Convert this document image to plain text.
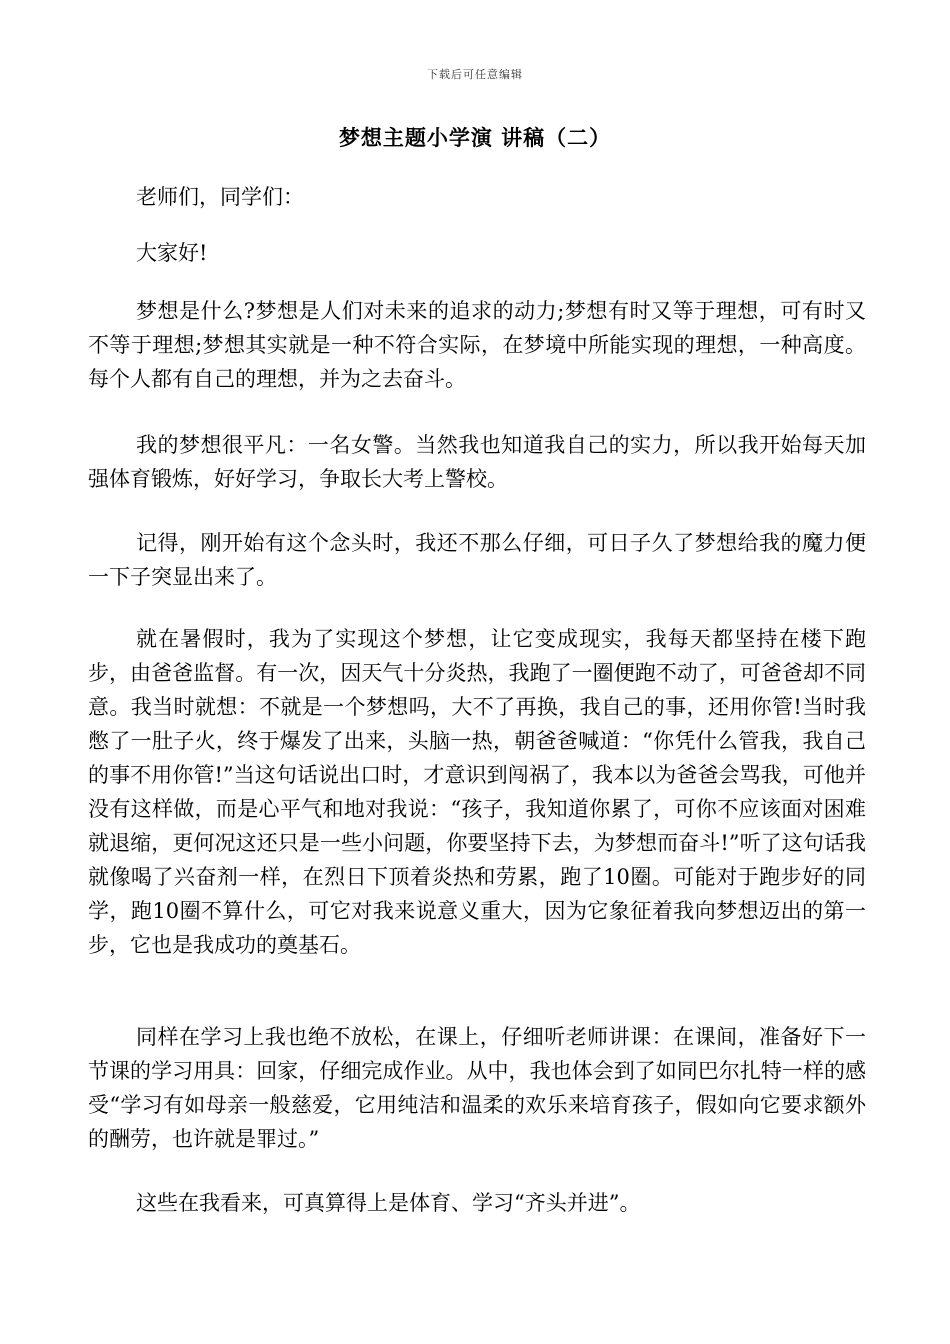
下载后可任意编辑
梦想主题小学演 讲稿（二）

老师们，同学们：

大家好!

梦想是什么?梦想是人们对未来的追求的动力;梦想有时又等于理想，可有时又不等于理想;梦想其实就是一种不符合实际，在梦境中所能实现的理想，一种高度。每个人都有自己的理想，并为之去奋斗。

我的梦想很平凡：一名女警。当然我也知道我自己的实力，所以我开始每天加强体育锻炼，好好学习，争取长大考上警校。

记得，刚开始有这个念头时，我还不那么仔细，可日子久了梦想给我的魔力便一下子突显出来了。

就在暑假时，我为了实现这个梦想，让它变成现实，我每天都坚持在楼下跑步，由爸爸监督。有一次，因天气十分炎热，我跑了一圈便跑不动了，可爸爸却不同意。我当时就想：不就是一个梦想吗，大不了再换，我自己的事，还用你管!当时我憋了一肚子火，终于爆发了出来，头脑一热，朝爸爸喊道：“你凭什么管我，我自己的事不用你管!”当这句话说出口时，才意识到闯祸了，我本以为爸爸会骂我，可他并没有这样做，而是心平气和地对我说：“孩子，我知道你累了，可你不应该面对困难就退缩，更何况这还只是一些小问题，你要坚持下去，为梦想而奋斗!”听了这句话我就像喝了兴奋剂一样，在烈日下顶着炎热和劳累，跑了10圈。可能对于跑步好的同学，跑10圈不算什么，可它对我来说意义重大，因为它象征着我向梦想迈出的第一步，它也是我成功的奠基石。

同样在学习上我也绝不放松，在课上，仔细听老师讲课：在课间，准备好下一节课的学习用具：回家，仔细完成作业。从中，我也体会到了如同巴尔扎特一样的感受“学习有如母亲一般慈爱，它用纯洁和温柔的欢乐来培育孩子，假如向它要求额外的酬劳，也许就是罪过。”

这些在我看来，可真算得上是体育、学习“齐头并进”。
